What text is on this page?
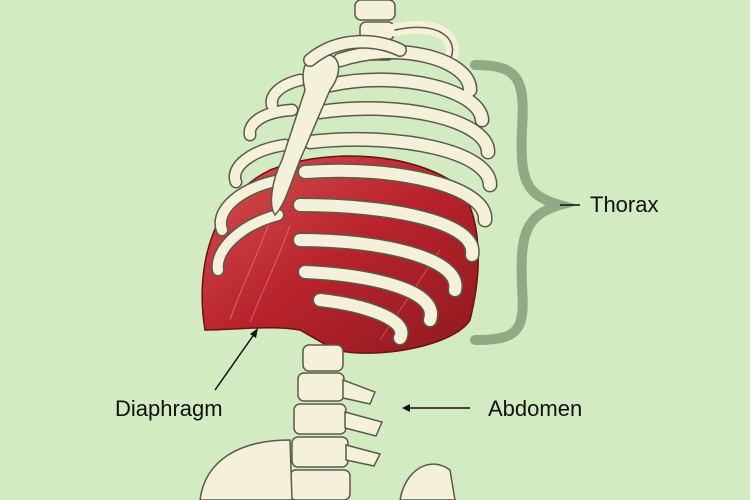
Thorax
Diaphragm	Abdomen
